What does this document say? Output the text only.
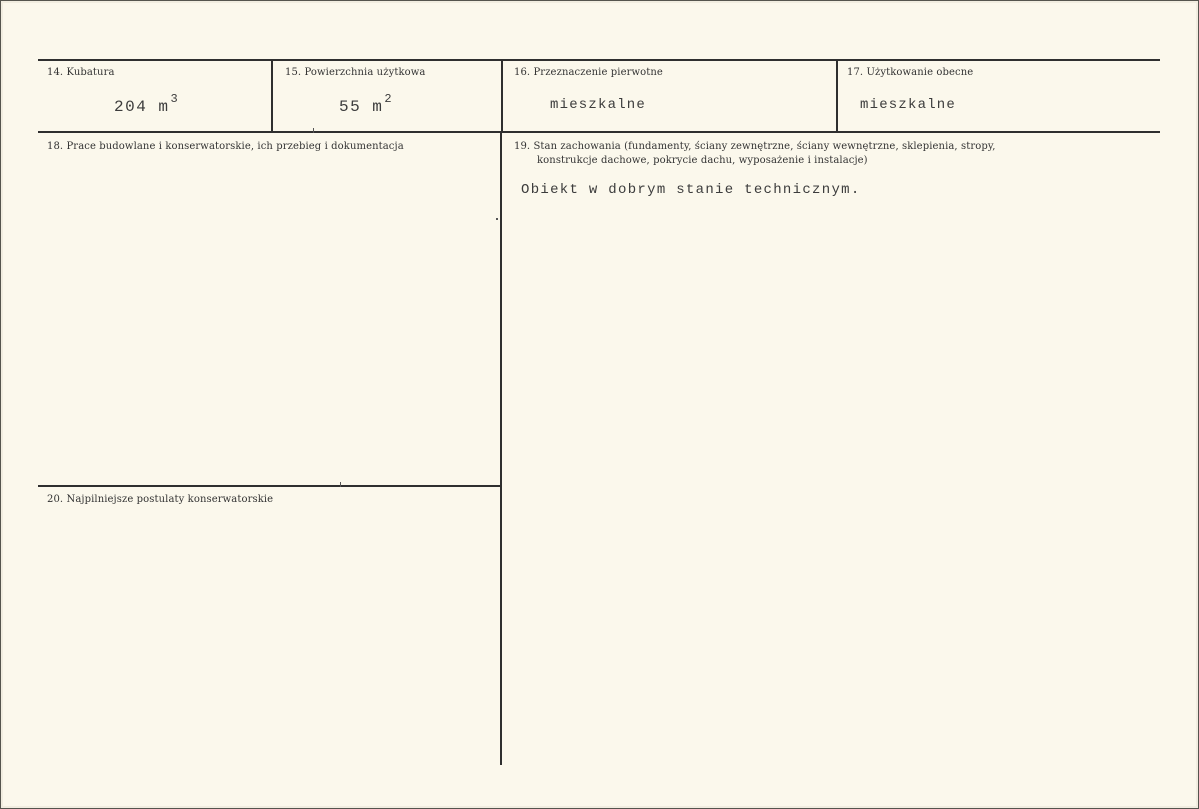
14. Kubatura
204 $m^3$
15. Powierzchnia użytkowa
55 $m^2$
16. Przeznaczenie pierwotne
mieszkalne
17. Użytkowanie obecne
mieszkalne
18. Prace budowlane i konserwatorskie, ich przebieg i dokumentacja	19. Stan zachowania (fundamenty, ściany zewnętrzne, ściany wewnętrzne, sklepienia, stropy,
konstrukcje dachowe, pokrycie dachu, wyposażenie i instalacje)
Obiekt w dobrym stanie technicznym.
20. Najpilniejsze postulaty konserwatorskie
